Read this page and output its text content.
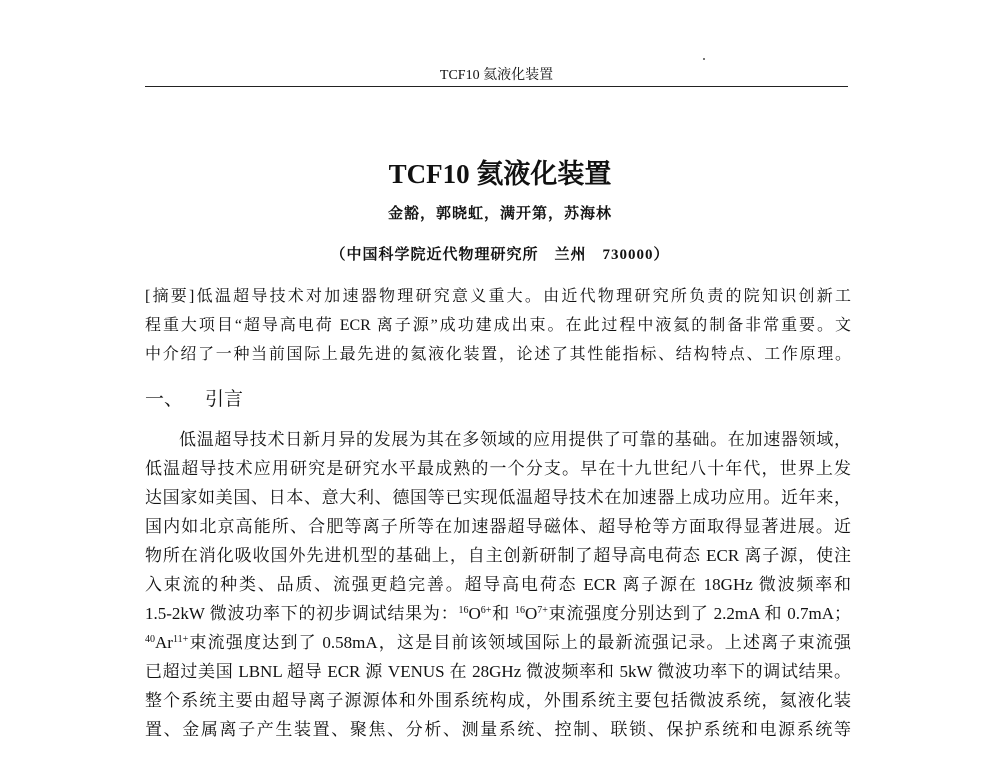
TCF10 氦液化装置
TCF10 氦液化装置
金豁，郭晓虹，满开第，苏海林
（中国科学院近代物理研究所　兰州　730000）
[摘要]低温超导技术对加速器物理研究意义重大。由近代物理研究所负责的院知识创新工
程重大项目“超导高电荷 ECR 离子源”成功建成出束。在此过程中液氦的制备非常重要。文
中介绍了一种当前国际上最先进的氦液化装置，论述了其性能指标、结构特点、工作原理。
一、 引言
低温超导技术日新月异的发展为其在多领域的应用提供了可靠的基础。在加速器领域，
低温超导技术应用研究是研究水平最成熟的一个分支。早在十九世纪八十年代，世界上发
达国家如美国、日本、意大利、德国等已实现低温超导技术在加速器上成功应用。近年来，
国内如北京高能所、合肥等离子所等在加速器超导磁体、超导枪等方面取得显著进展。近
物所在消化吸收国外先进机型的基础上，自主创新研制了超导高电荷态 ECR 离子源，使注
入束流的种类、品质、流强更趋完善。超导高电荷态 ECR 离子源在 18GHz 微波频率和
1.5-2kW 微波功率下的初步调试结果为：$^{16}O^{6+}$和 $^{16}O^{7+}$束流强度分别达到了 2.2mA 和 0.7mA；
$^{40}Ar^{11+}$束流强度达到了 0.58mA，这是目前该领域国际上的最新流强记录。上述离子束流强
已超过美国 LBNL 超导 ECR 源 VENUS 在 28GHz 微波频率和 5kW 微波功率下的调试结果。
整个系统主要由超导离子源源体和外围系统构成，外围系统主要包括微波系统，氦液化装
置、金属离子产生装置、聚焦、分析、测量系统、控制、联锁、保护系统和电源系统等
